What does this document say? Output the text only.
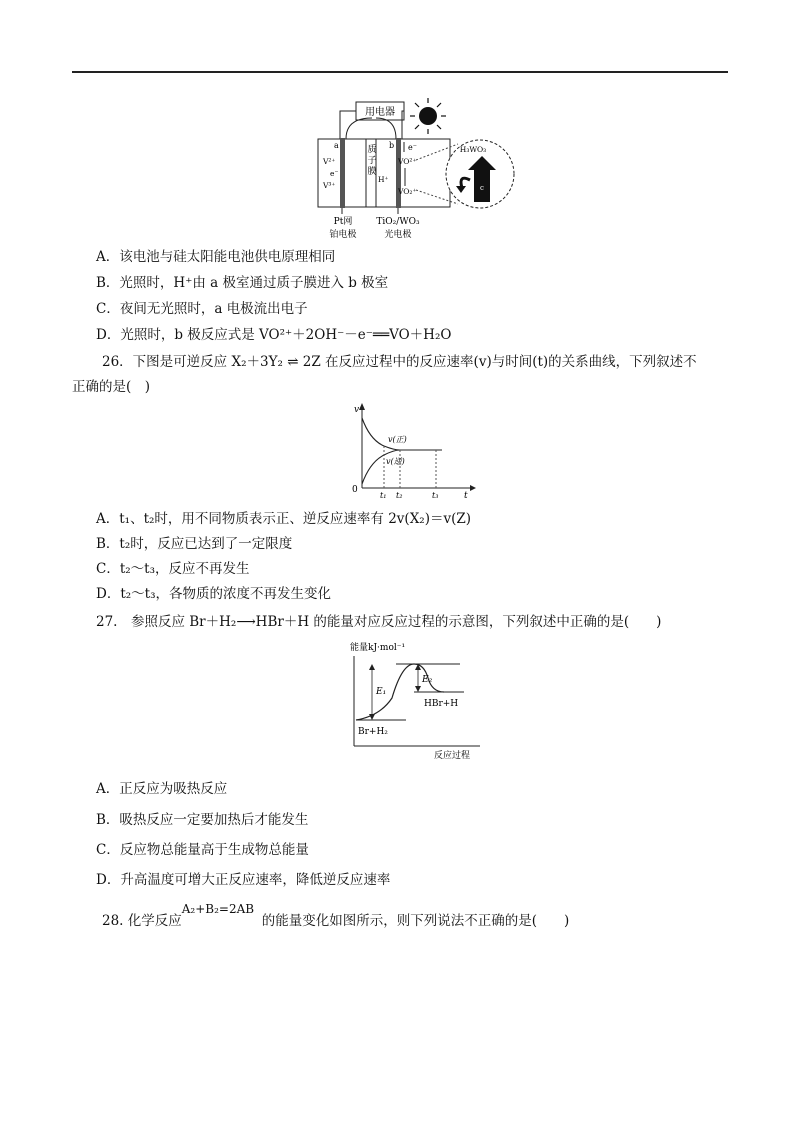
用电器
a	b
质
子
膜
e⁻
V²⁺
e⁻
V³⁺
VO²⁺
H⁺
VO₂⁺
H₃WO₃
c
Pt网
铂电极
TiO₂/WO₃
光电极
A．该电池与硅太阳能电池供电原理相同
B．光照时，H⁺由 a 极室通过质子膜进入 b 极室
C．夜间无光照时，a 电极流出电子
D．光照时，b 极反应式是 VO²⁺＋2OH⁻－e⁻══VO＋H₂O
26．下图是可逆反应 X₂＋3Y₂ ⇌ 2Z 在反应过程中的反应速率(v)与时间(t)的关系曲线，下列叙述不
正确的是(　)
v
t
0
v(正)
v(逆)
t₁ t₂	t₃
A．t₁、t₂时，用不同物质表示正、逆反应速率有 2v(X₂)＝v(Z)
B．t₂时，反应已达到了一定限度
C．t₂～t₃，反应不再发生
D．t₂～t₃，各物质的浓度不再发生变化
27.　参照反应 Br＋H₂⟶HBr＋H 的能量对应反应过程的示意图，下列叙述中正确的是(　　)
能量kJ·mol⁻¹
反应过程
E₁
E₂
HBr+H
Br+H₂
A．正反应为吸热反应
B．吸热反应一定要加热后才能发生
C．反应物总能量高于生成物总能量
D．升高温度可增大正反应速率，降低逆反应速率
28. 化学反应
A₂+B₂=2AB
的能量变化如图所示，则下列说法不正确的是(　　)
